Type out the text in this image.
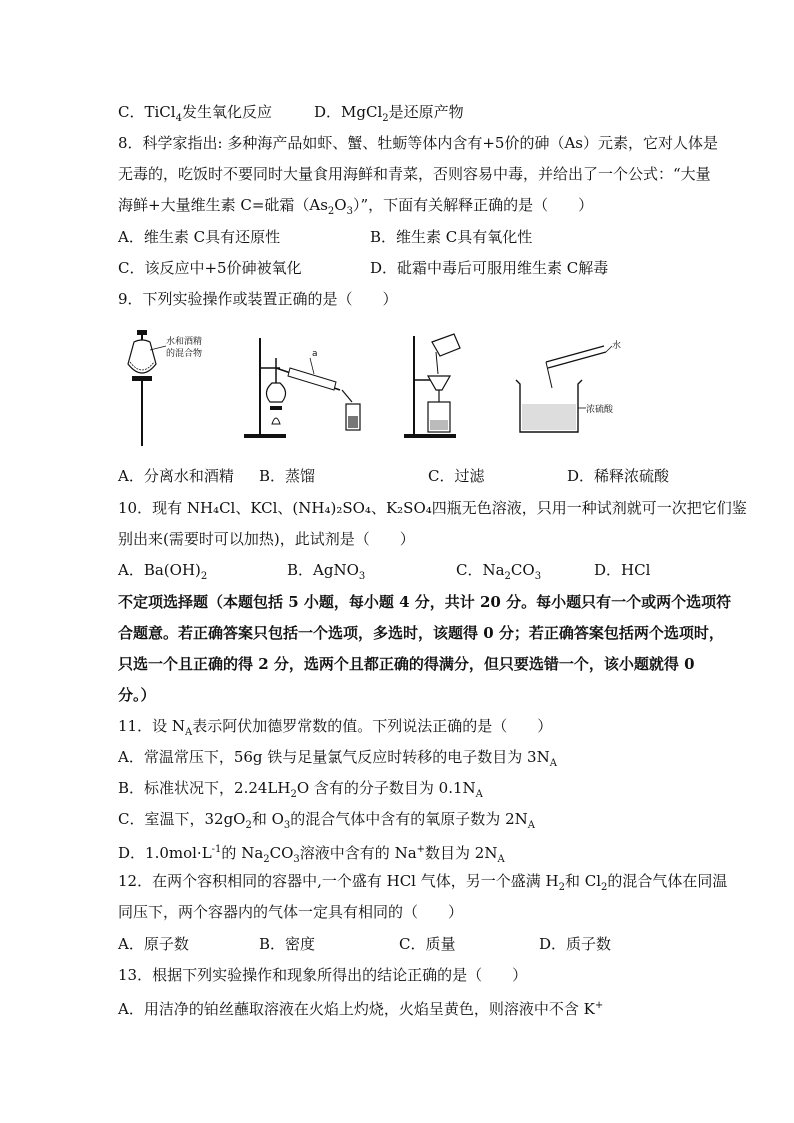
C．TiCl$_4$发生氧化反应	D．MgCl$_2$是还原产物
8．科学家指出: 多种海产品如虾、蟹、牡蛎等体内含有+5价的砷（As）元素，它对人体是
无毒的，吃饭时不要同时大量食用海鲜和青菜，否则容易中毒，并给出了一个公式：“大量
海鲜+大量维生素 C=砒霜$(As_2O_3)$”，下面有关解释正确的是（　　）
A．维生素 C具有还原性	B．维生素 C具有氧化性
C．该反应中+5价砷被氧化	D．砒霜中毒后可服用维生素 C解毒
9．下列实验操作或装置正确的是（　　）
水和酒精
的混合物	a
水
浓硫酸
A．分离水和酒精 B．蒸馏	C．过滤	D．稀释浓硫酸
10．现有 NH₄Cl、KCl、(NH₄)₂SO₄、K₂SO₄四瓶无色溶液，只用一种试剂就可一次把它们鉴
别出来(需要时可以加热)，此试剂是（　　）
A．$Ba(OH)_2$	B．AgNO$_3$	C．$Na_2CO_3$	D．HCl
不定项选择题（本题包括 5 小题，每小题 4 分，共计 20 分。每小题只有一个或两个选项符
合题意。若正确答案只包括一个选项，多选时，该题得 0 分；若正确答案包括两个选项时，
只选一个且正确的得 2 分，选两个且都正确的得满分，但只要选错一个，该小题就得 0
分。）
11．设 $N_A$表示阿伏加德罗常数的值。下列说法正确的是（　　）
A．常温常压下，56g 铁与足量氯气反应时转移的电子数目为 $3N_A$
B．标准状况下，$2.24LH_2O$ 含有的分子数目为 $0.1N_A$
C．室温下，$32gO_2$和 $O_3$的混合气体中含有的氧原子数为 $2N_A$
D．$1.0mol\cdot L^{-1}$的 $Na_2CO_3$溶液中含有的 Na+数目为 $2N_A$
12．在两个容积相同的容器中,一个盛有 HCl 气体，另一个盛满 $H_2$和 $Cl_2$的混合气体在同温
同压下，两个容器内的气体一定具有相同的（　　）
A．原子数	B．密度	C．质量	D．质子数
13．根据下列实验操作和现象所得出的结论正确的是（　　）
A．用洁净的铂丝蘸取溶液在火焰上灼烧，火焰呈黄色，则溶液中不含 K+
